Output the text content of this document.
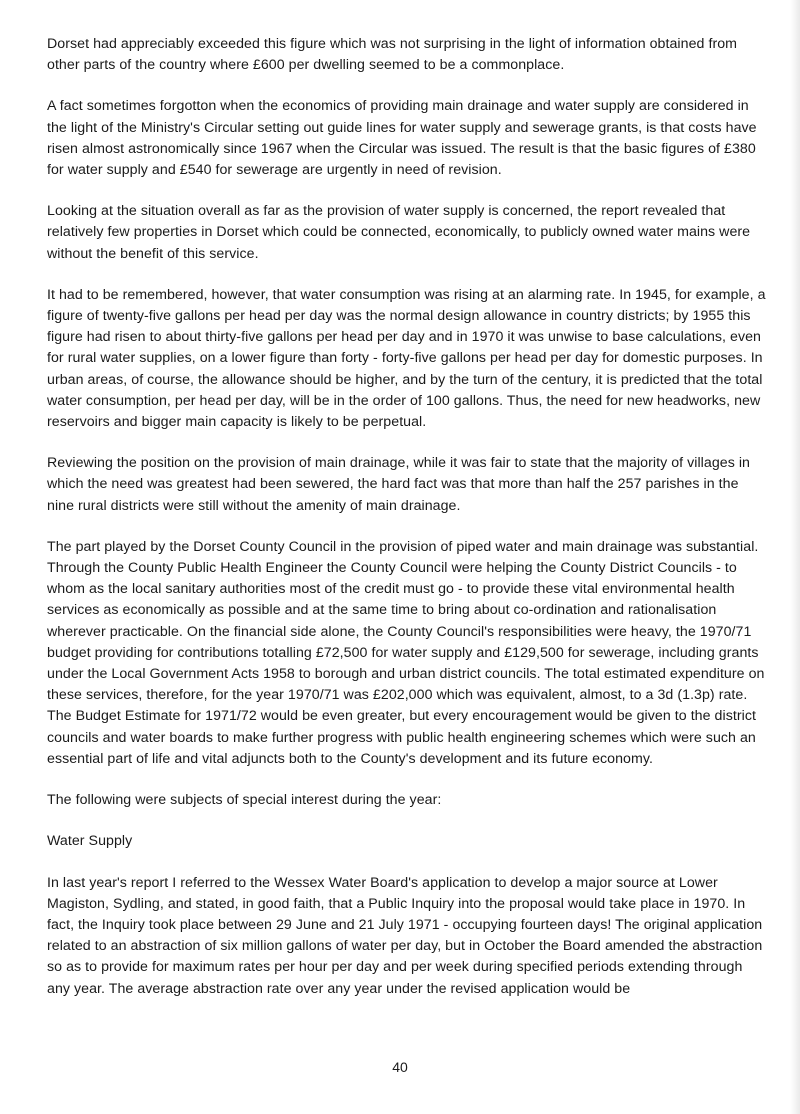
Dorset had appreciably exceeded this figure which was not surprising in the light of information obtained from other parts of the country where £600 per dwelling seemed to be a commonplace.

A fact sometimes forgotton when the economics of providing main drainage and water supply are considered in the light of the Ministry's Circular setting out guide lines for water supply and sewerage grants, is that costs have risen almost astronomically since 1967 when the Circular was issued. The result is that the basic figures of £380 for water supply and £540 for sewerage are urgently in need of revision.

Looking at the situation overall as far as the provision of water supply is concerned, the report revealed that relatively few properties in Dorset which could be connected, economically, to publicly owned water mains were without the benefit of this service.

It had to be remembered, however, that water consumption was rising at an alarming rate. In 1945, for example, a figure of twenty-five gallons per head per day was the normal design allowance in country districts; by 1955 this figure had risen to about thirty-five gallons per head per day and in 1970 it was unwise to base calculations, even for rural water supplies, on a lower figure than forty - forty-five gallons per head per day for domestic purposes. In urban areas, of course, the allowance should be higher, and by the turn of the century, it is predicted that the total water consumption, per head per day, will be in the order of 100 gallons. Thus, the need for new headworks, new reservoirs and bigger main capacity is likely to be perpetual.

Reviewing the position on the provision of main drainage, while it was fair to state that the majority of villages in which the need was greatest had been sewered, the hard fact was that more than half the 257 parishes in the nine rural districts were still without the amenity of main drainage.

The part played by the Dorset County Council in the provision of piped water and main drainage was substantial. Through the County Public Health Engineer the County Council were helping the County District Councils - to whom as the local sanitary authorities most of the credit must go - to provide these vital environmental health services as economically as possible and at the same time to bring about co-ordination and rationalisation wherever practicable. On the financial side alone, the County Council's responsibilities were heavy, the 1970/71 budget providing for contributions totalling £72,500 for water supply and £129,500 for sewerage, including grants under the Local Government Acts 1958 to borough and urban district councils. The total estimated expenditure on these services, therefore, for the year 1970/71 was £202,000 which was equivalent, almost, to a 3d (1.3p) rate. The Budget Estimate for 1971/72 would be even greater, but every encouragement would be given to the district councils and water boards to make further progress with public health engineering schemes which were such an essential part of life and vital adjuncts both to the County's development and its future economy.

The following were subjects of special interest during the year:

Water Supply

In last year's report I referred to the Wessex Water Board's application to develop a major source at Lower Magiston, Sydling, and stated, in good faith, that a Public Inquiry into the proposal would take place in 1970. In fact, the Inquiry took place between 29 June and 21 July 1971 - occupying fourteen days! The original application related to an abstraction of six million gallons of water per day, but in October the Board amended the abstraction so as to provide for maximum rates per hour per day and per week during specified periods extending through any year. The average abstraction rate over any year under the revised application would be

40
